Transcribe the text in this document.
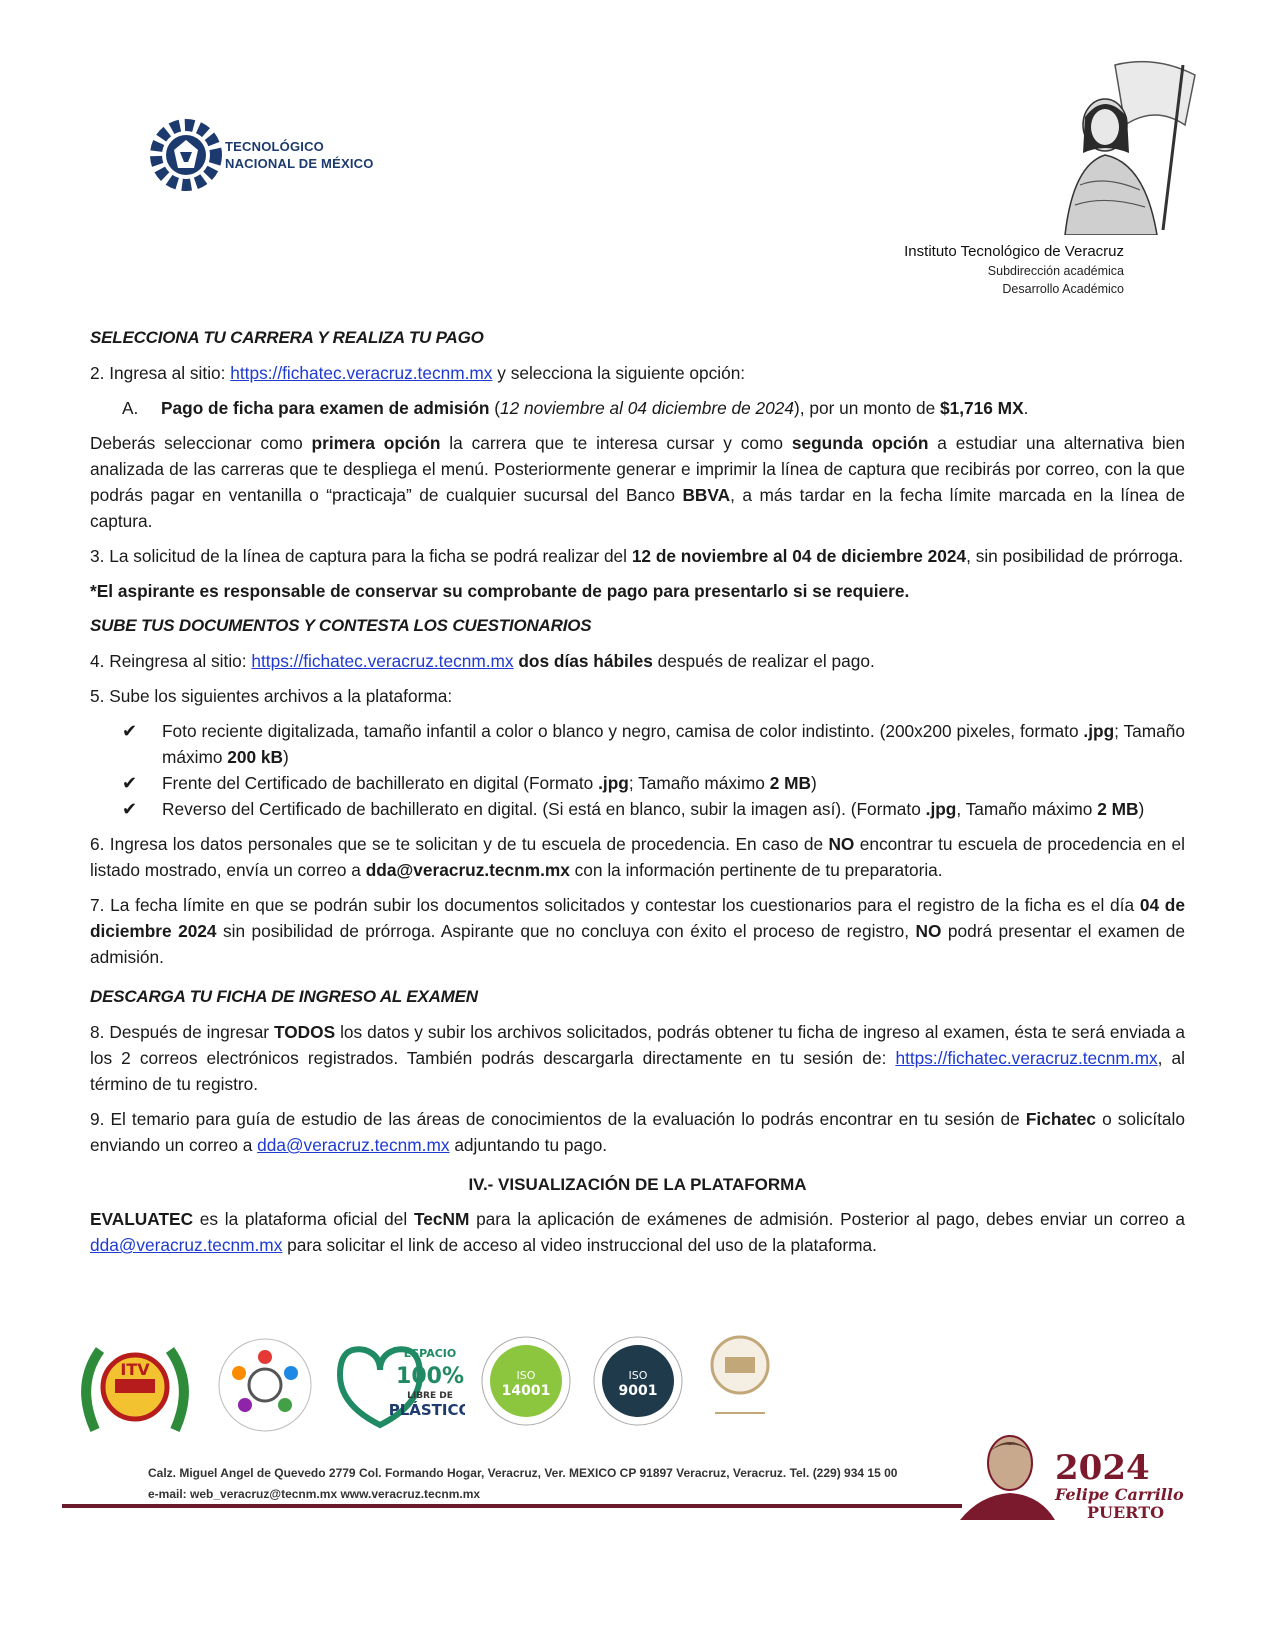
TECNOLÓGICO
NACIONAL DE MÉXICO
Instituto Tecnológico de Veracruz
Subdirección académica
Desarrollo Académico
SELECCIONA TU CARRERA Y REALIZA TU PAGO

2. Ingresa al sitio: https://fichatec.veracruz.tecnm.mx y selecciona la siguiente opción:

A. Pago de ficha para examen de admisión (12 noviembre al 04 diciembre de 2024), por un monto de $1,716 MX.

Deberás seleccionar como primera opción la carrera que te interesa cursar y como segunda opción a estudiar una alternativa bien analizada de las carreras que te despliega el menú. Posteriormente generar e imprimir la línea de captura que recibirás por correo, con la que podrás pagar en ventanilla o “practicaja” de cualquier sucursal del Banco BBVA, a más tardar en la fecha límite marcada en la línea de captura.

3. La solicitud de la línea de captura para la ficha se podrá realizar del 12 de noviembre al 04 de diciembre 2024, sin posibilidad de prórroga.

*El aspirante es responsable de conservar su comprobante de pago para presentarlo si se requiere.

SUBE TUS DOCUMENTOS Y CONTESTA LOS CUESTIONARIOS

4. Reingresa al sitio: https://fichatec.veracruz.tecnm.mx dos días hábiles después de realizar el pago.

5. Sube los siguientes archivos a la plataforma:

✔ Foto reciente digitalizada, tamaño infantil a color o blanco y negro, camisa de color indistinto. (200x200 pixeles, formato .jpg; Tamaño máximo 200 kB)
✔ Frente del Certificado de bachillerato en digital (Formato .jpg; Tamaño máximo 2 MB)
✔ Reverso del Certificado de bachillerato en digital. (Si está en blanco, subir la imagen así). (Formato .jpg, Tamaño máximo 2 MB)

6. Ingresa los datos personales que se te solicitan y de tu escuela de procedencia. En caso de NO encontrar tu escuela de procedencia en el listado mostrado, envía un correo a dda@veracruz.tecnm.mx con la información pertinente de tu preparatoria.

7. La fecha límite en que se podrán subir los documentos solicitados y contestar los cuestionarios para el registro de la ficha es el día 04 de diciembre 2024 sin posibilidad de prórroga. Aspirante que no concluya con éxito el proceso de registro, NO podrá presentar el examen de admisión.

DESCARGA TU FICHA DE INGRESO AL EXAMEN

8. Después de ingresar TODOS los datos y subir los archivos solicitados, podrás obtener tu ficha de ingreso al examen, ésta te será enviada a los 2 correos electrónicos registrados. También podrás descargarla directamente en tu sesión de: https://fichatec.veracruz.tecnm.mx, al término de tu registro.

9. El temario para guía de estudio de las áreas de conocimientos de la evaluación lo podrás encontrar en tu sesión de Fichatec o solicítalo enviando un correo a dda@veracruz.tecnm.mx adjuntando tu pago.

IV.- VISUALIZACIÓN DE LA PLATAFORMA

EVALUATEC es la plataforma oficial del TecNM para la aplicación de exámenes de admisión. Posterior al pago, debes enviar un correo a dda@veracruz.tecnm.mx para solicitar el link de acceso al video instruccional del uso de la plataforma.

ITV
ESPACIO
100%
LIBRE DE
PLÁSTICO
ISO
14001
ISO
9001
Calz. Miguel Angel de Quevedo 2779 Col. Formando Hogar, Veracruz, Ver. MEXICO CP 91897 Veracruz, Veracruz. Tel. (229) 934 15 00
e-mail: web_veracruz@tecnm.mx www.veracruz.tecnm.mx
2024
Felipe Carrillo
PUERTO
